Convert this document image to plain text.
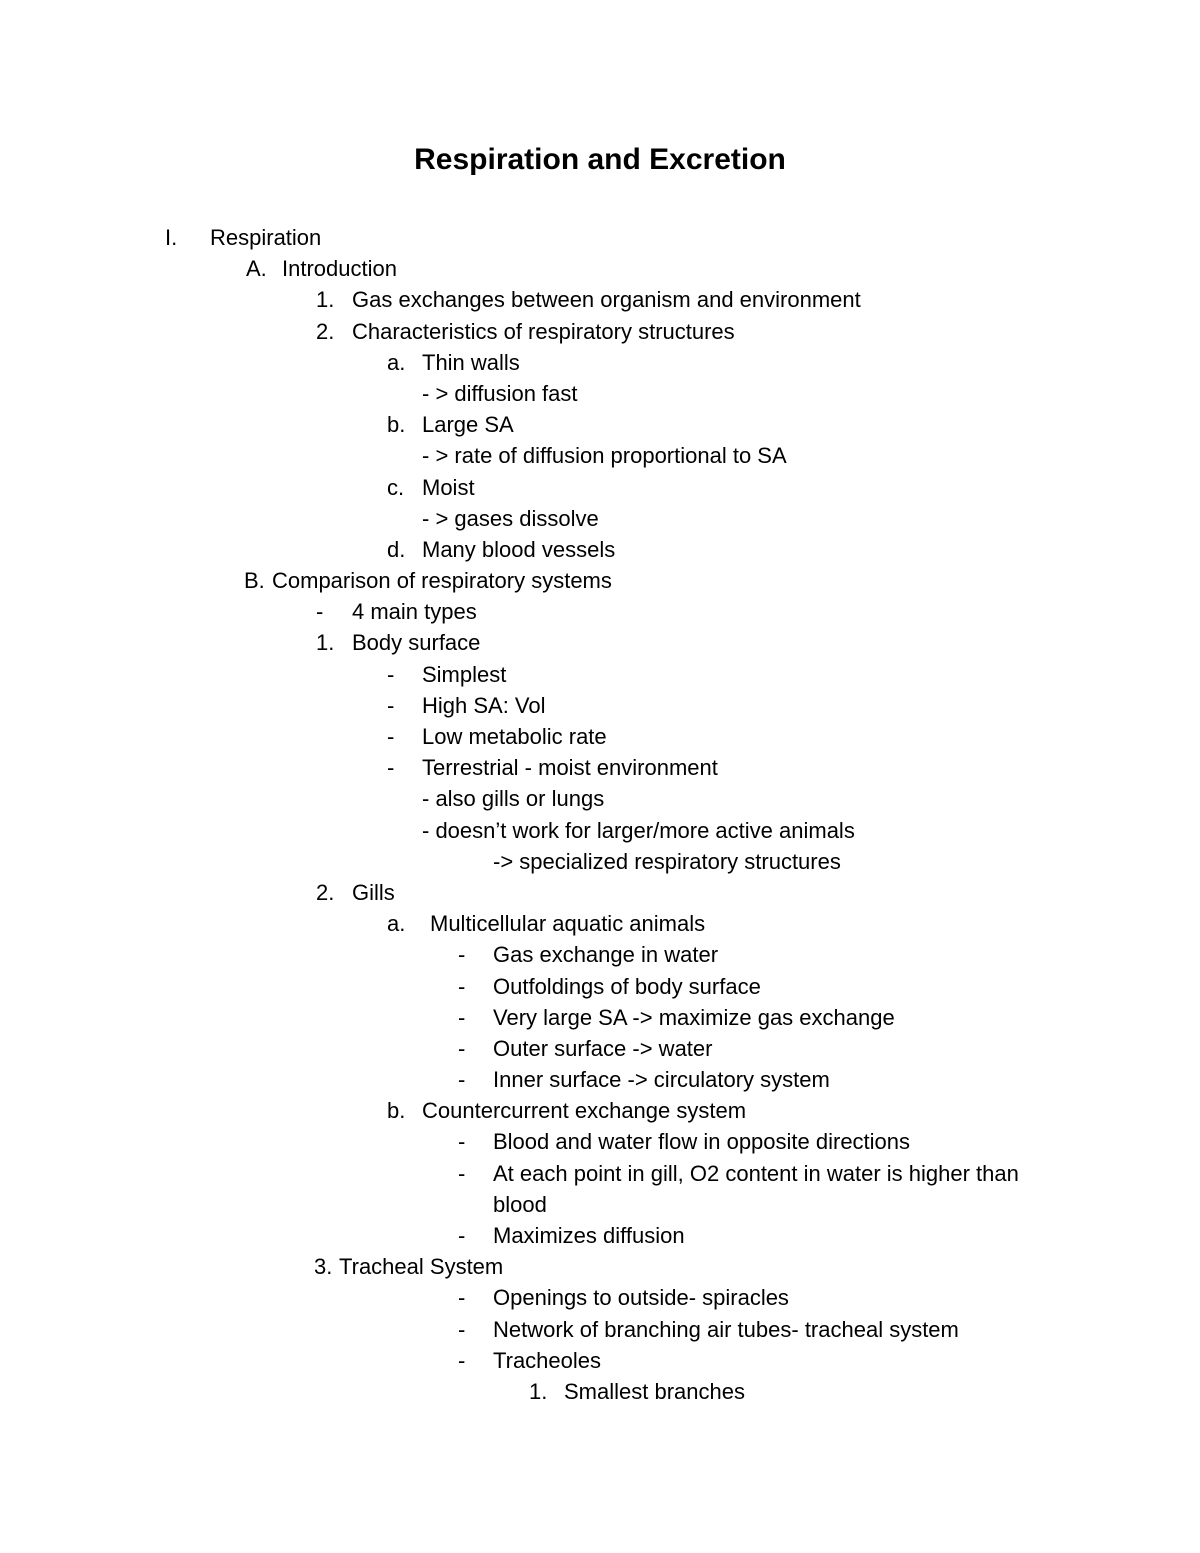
Respiration and Excretion
I. Respiration
A. Introduction
1. Gas exchanges between organism and environment
2. Characteristics of respiratory structures
a. Thin walls
- > diffusion fast
b. Large SA
- > rate of diffusion proportional to SA
c. Moist
- > gases dissolve
d. Many blood vessels
B. Comparison of respiratory systems
- 4 main types
1. Body surface
- Simplest
- High SA: Vol
- Low metabolic rate
- Terrestrial - moist environment
- also gills or lungs
- doesn’t work for larger/more active animals
-> specialized respiratory structures
2. Gills
a. Multicellular aquatic animals
- Gas exchange in water
- Outfoldings of body surface
- Very large SA -> maximize gas exchange
- Outer surface -> water
- Inner surface -> circulatory system
b. Countercurrent exchange system
- Blood and water flow in opposite directions
- At each point in gill, O2 content in water is higher than
blood
- Maximizes diffusion
3. Tracheal System
- Openings to outside- spiracles
- Network of branching air tubes- tracheal system
- Tracheoles
1. Smallest branches
